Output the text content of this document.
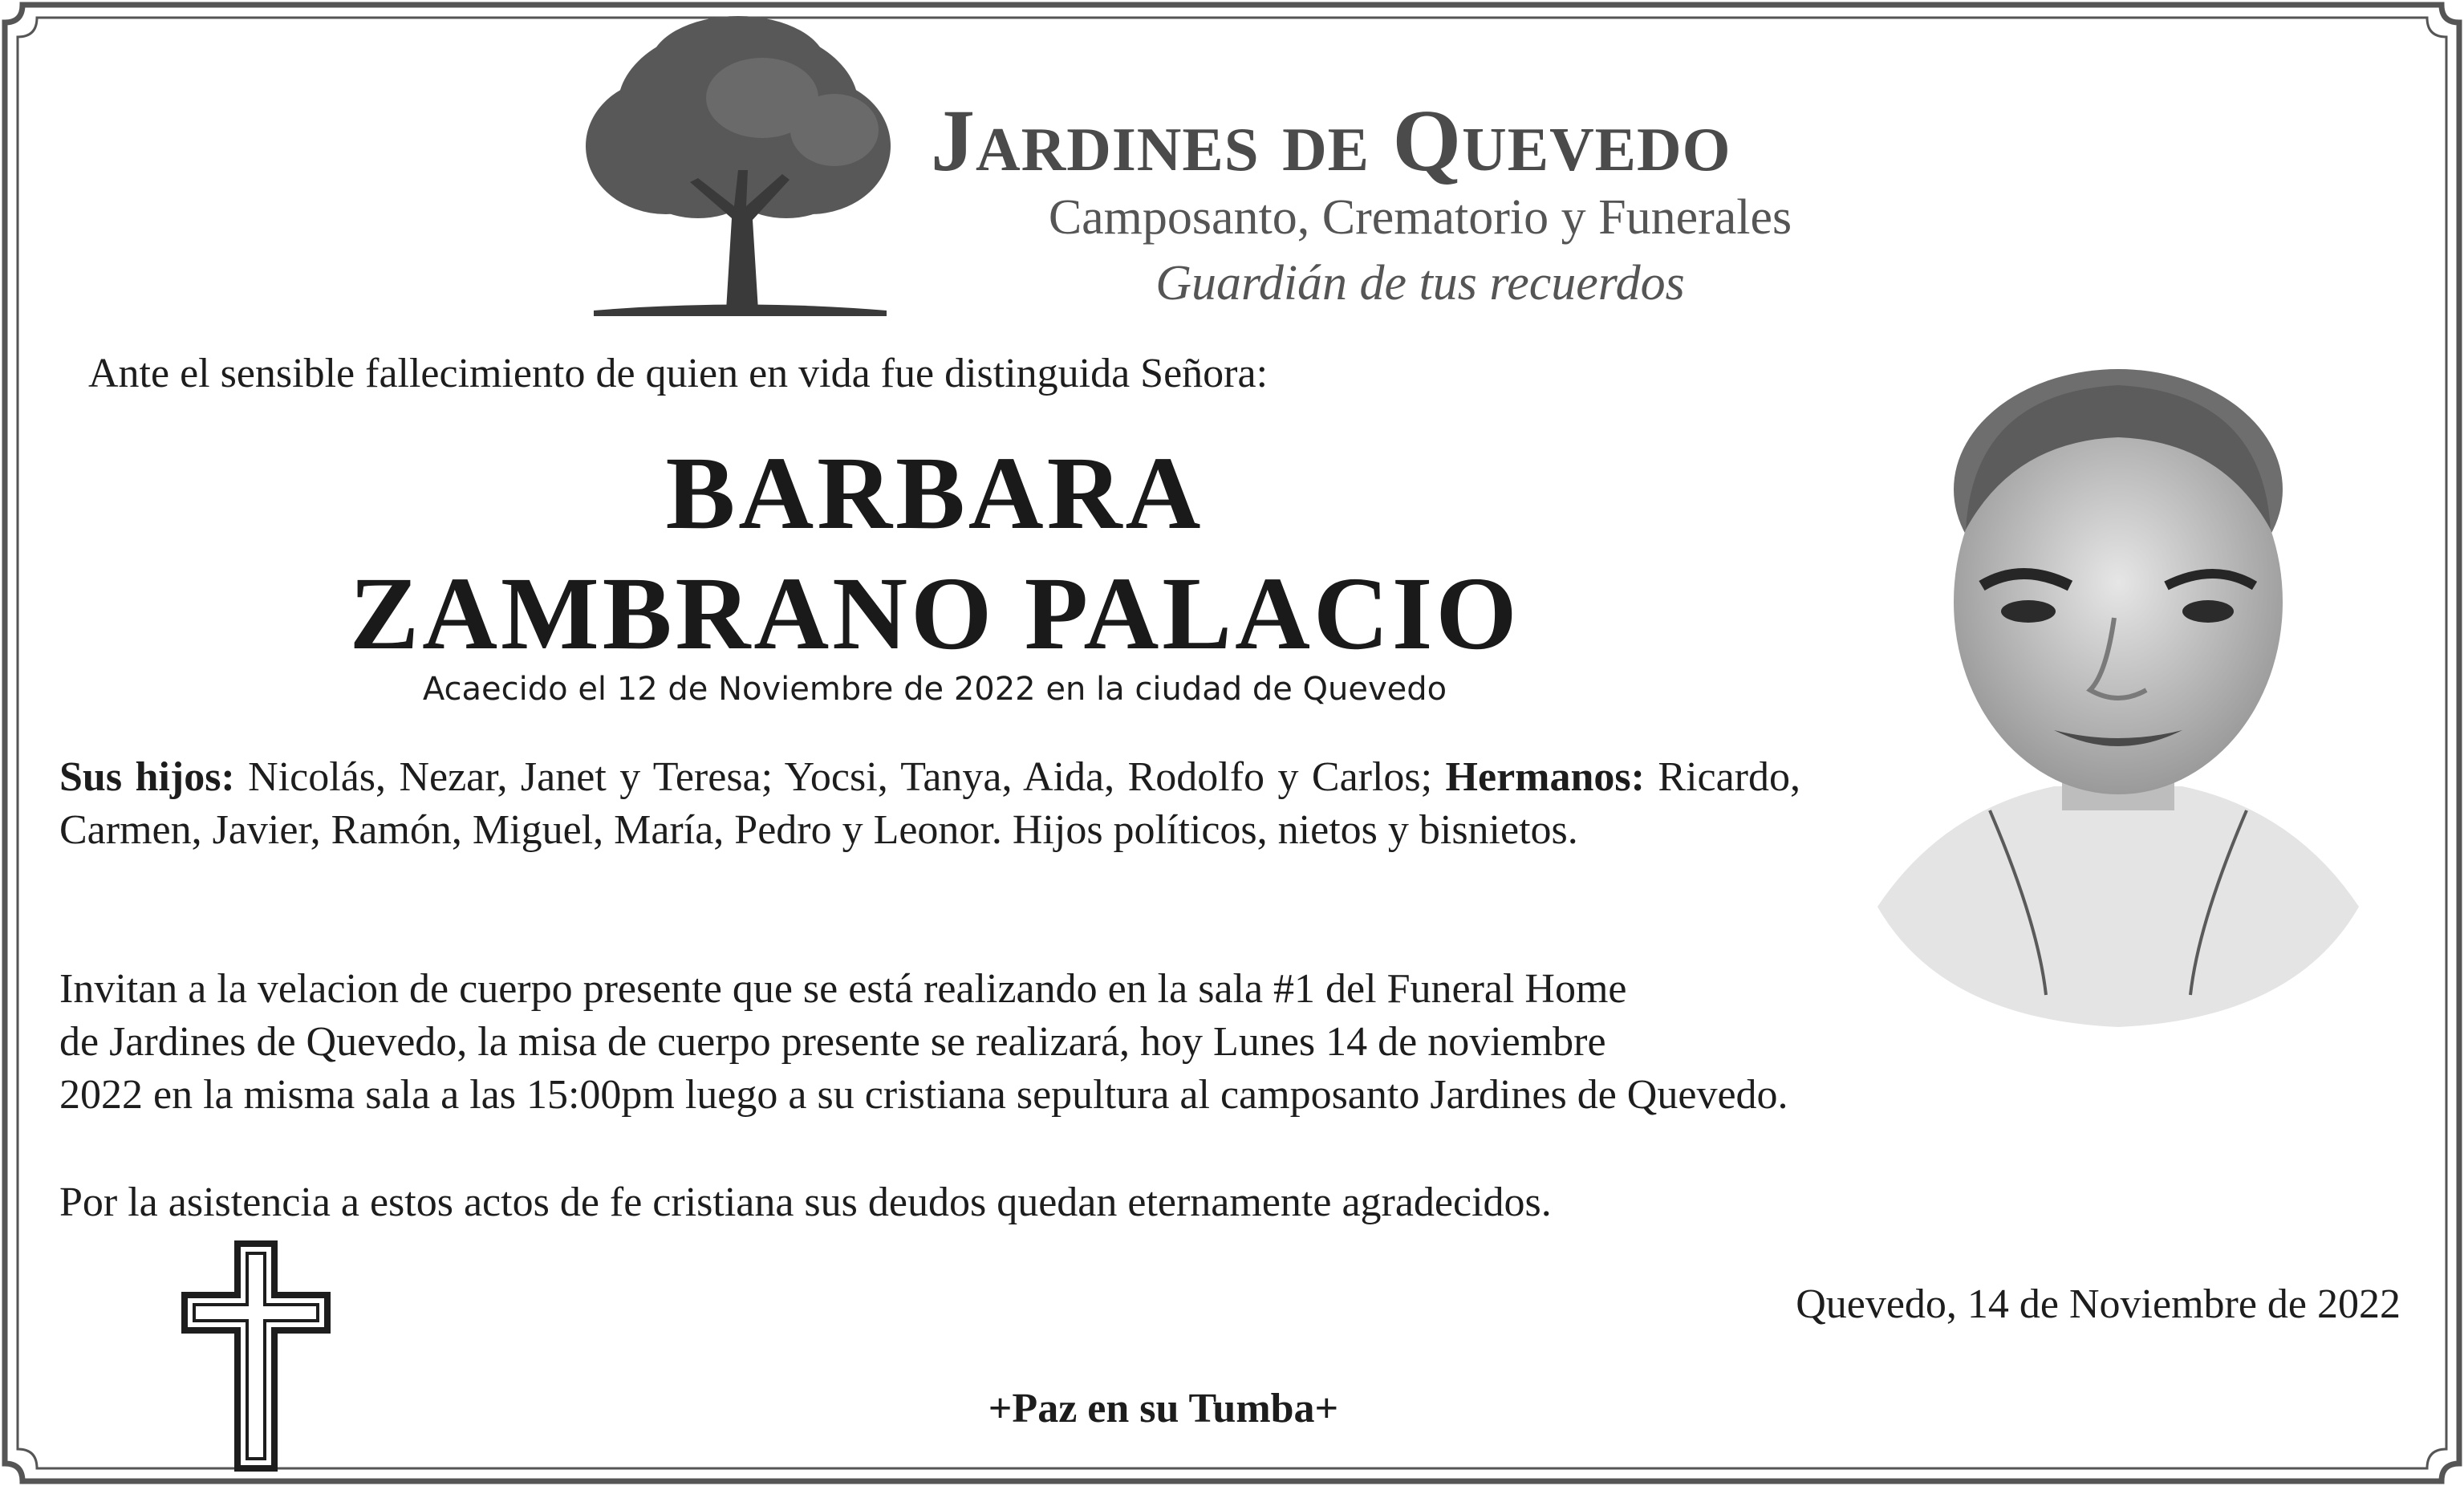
Jardines de Quevedo
Camposanto, Crematorio y Funerales
Guardián de tus recuerdos
Ante el sensible fallecimiento de quien en vida fue distinguida Señora:
BARBARA
ZAMBRANO PALACIO
Acaecido el 12 de Noviembre de 2022 en la ciudad de Quevedo
Sus hijos: Nicolás, Nezar, Janet y Teresa; Yocsi, Tanya, Aida, Rodolfo y Carlos; Hermanos: Ricardo, Carmen, Javier, Ramón, Miguel, María, Pedro y Leonor. Hijos políticos, nietos y bisnietos.
Invitan a la velacion de cuerpo presente que se está realizando en la sala #1 del Funeral Home
de Jardines de Quevedo, la misa de cuerpo presente se realizará, hoy Lunes 14 de noviembre
2022 en la misma sala a las 15:00pm luego a su cristiana sepultura al camposanto Jardines de Quevedo.
Por la asistencia a estos actos de fe cristiana sus deudos quedan eternamente agradecidos.
Quevedo, 14 de Noviembre de 2022
+Paz en su Tumba+
